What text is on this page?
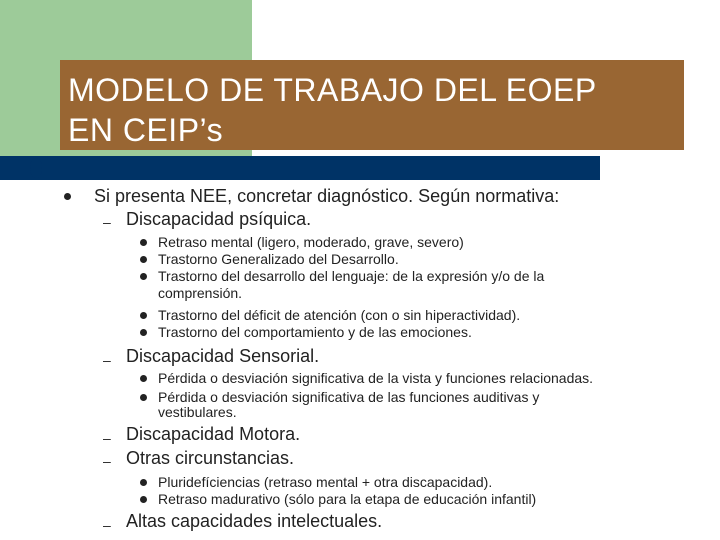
MODELO DE TRABAJO DEL EOEP
EN CEIP’s
Si presenta NEE, concretar diagnóstico. Según normativa:
– Discapacidad psíquica.
Retraso mental (ligero, moderado, grave, severo)
Trastorno Generalizado del Desarrollo.
Trastorno del desarrollo del lenguaje: de la expresión y/o de la
comprensión.
Trastorno del déficit de atención (con o sin hiperactividad).
Trastorno del comportamiento y de las emociones.
– Discapacidad Sensorial.
Pérdida o desviación significativa de la vista y funciones relacionadas.
Pérdida o desviación significativa de las funciones auditivas y
vestibulares.
– Discapacidad Motora.
– Otras circunstancias.
Pluridefíciencias (retraso mental + otra discapacidad).
Retraso madurativo (sólo para la etapa de educación infantil)
– Altas capacidades intelectuales.
